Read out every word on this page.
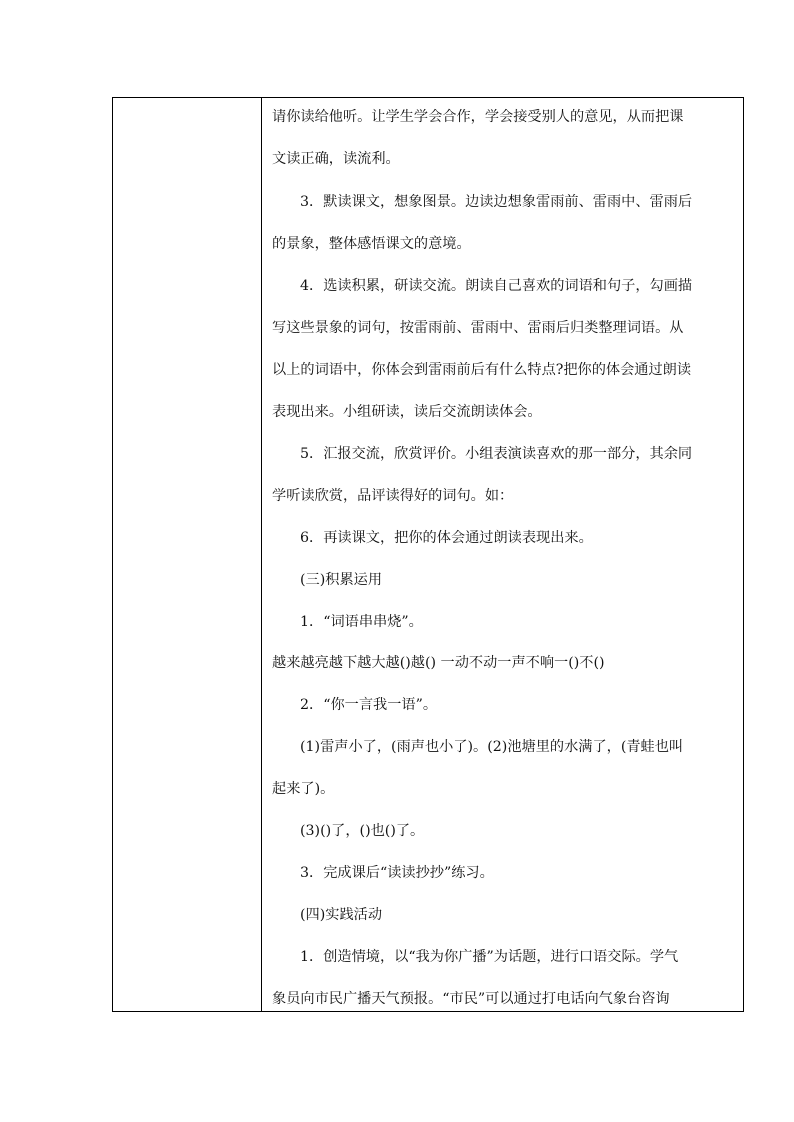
请你读给他听。让学生学会合作，学会接受别人的意见，从而把课
文读正确，读流利。
3．默读课文，想象图景。边读边想象雷雨前、雷雨中、雷雨后
的景象，整体感悟课文的意境。
4．选读积累，研读交流。朗读自己喜欢的词语和句子，勾画描
写这些景象的词句，按雷雨前、雷雨中、雷雨后归类整理词语。从
以上的词语中，你体会到雷雨前后有什么特点?把你的体会通过朗读
表现出来。小组研读，读后交流朗读体会。
5．汇报交流，欣赏评价。小组表演读喜欢的那一部分，其余同
学听读欣赏，品评读得好的词句。如：
6．再读课文，把你的体会通过朗读表现出来。
(三)积累运用
1．“词语串串烧”。
越来越亮越下越大越()越() 一动不动一声不响一()不()
2．“你一言我一语”。
(1)雷声小了，(雨声也小了)。(2)池塘里的水满了，(青蛙也叫
起来了)。
(3)()了，()也()了。
3．完成课后“读读抄抄”练习。
(四)实践活动
1．创造情境，以“我为你广播”为话题，进行口语交际。学气
象员向市民广播天气预报。“市民”可以通过打电话向气象台咨询
